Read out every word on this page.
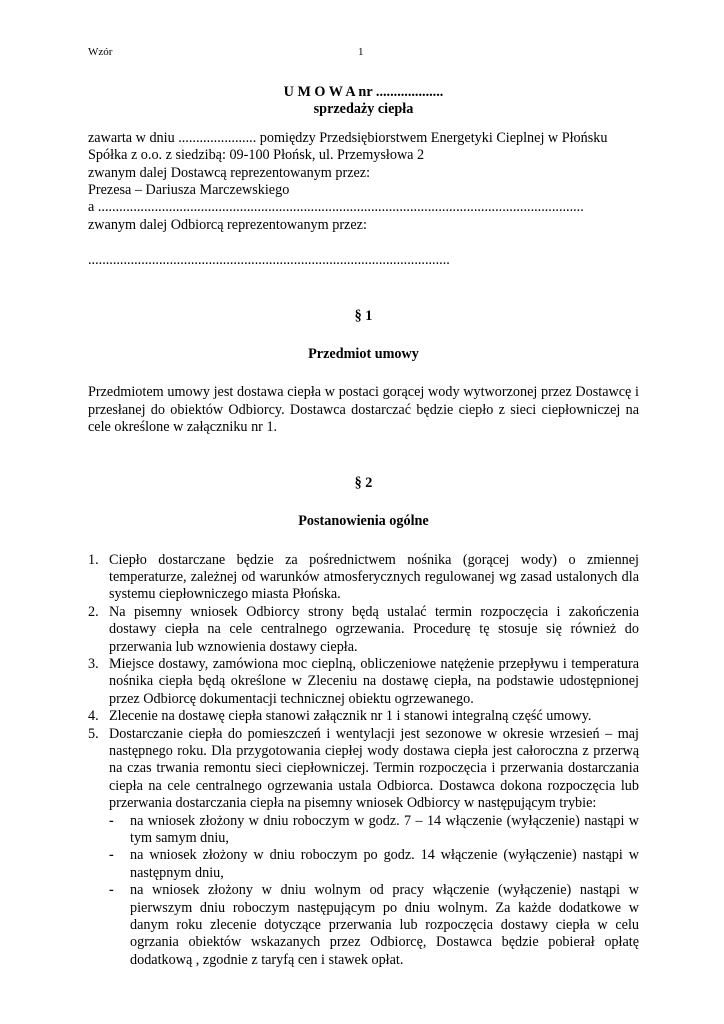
Wzór	1
U M O W A nr ...................
sprzedaży ciepła
zawarta w dniu ...................... pomiędzy Przedsiębiorstwem Energetyki Cieplnej w Płońsku
Spółka z o.o. z siedzibą: 09-100 Płońsk, ul. Przemysłowa 2
zwanym dalej Dostawcą reprezentowanym przez:
Prezesa – Dariusza Marczewskiego
a .........................................................................................................................................
zwanym dalej Odbiorcą reprezentowanym przez:
......................................................................................................
§ 1
Przedmiot umowy

Przedmiotem umowy jest dostawa ciepła w postaci gorącej wody wytworzonej przez Dostawcę i przesłanej do obiektów Odbiorcy. Dostawca dostarczać będzie ciepło z sieci ciepłowniczej na cele określone w załączniku nr 1.

§ 2
Postanowienia ogólne
1. Ciepło dostarczane będzie za pośrednictwem nośnika (gorącej wody) o zmiennej temperaturze, zależnej od warunków atmosferycznych regulowanej wg zasad ustalonych dla systemu ciepłowniczego miasta Płońska.
2. Na pisemny wniosek Odbiorcy strony będą ustalać termin rozpoczęcia i zakończenia dostawy ciepła na cele centralnego ogrzewania. Procedurę tę stosuje się również do przerwania lub wznowienia dostawy ciepła.
3. Miejsce dostawy, zamówiona moc cieplną, obliczeniowe natężenie przepływu i temperatura nośnika ciepła będą określone w Zleceniu na dostawę ciepła, na podstawie udostępnionej przez Odbiorcę dokumentacji technicznej obiektu ogrzewanego.
4. Zlecenie na dostawę ciepła stanowi załącznik nr 1 i stanowi integralną część umowy.
5. Dostarczanie ciepła do pomieszczeń i wentylacji jest sezonowe w okresie wrzesień – maj następnego roku. Dla przygotowania ciepłej wody dostawa ciepła jest całoroczna z przerwą na czas trwania remontu sieci ciepłowniczej. Termin rozpoczęcia i przerwania dostarczania ciepła na cele centralnego ogrzewania ustala Odbiorca. Dostawca dokona rozpoczęcia lub przerwania dostarczania ciepła na pisemny wniosek Odbiorcy w następującym trybie:
- na wniosek złożony w dniu roboczym w godz. 7 – 14 włączenie (wyłączenie) nastąpi w tym samym dniu,
- na wniosek złożony w dniu roboczym po godz. 14 włączenie (wyłączenie) nastąpi w następnym dniu,
- na wniosek złożony w dniu wolnym od pracy włączenie (wyłączenie) nastąpi w pierwszym dniu roboczym następującym po dniu wolnym. Za każde dodatkowe w danym roku zlecenie dotyczące przerwania lub rozpoczęcia dostawy ciepła w celu ogrzania obiektów wskazanych przez Odbiorcę, Dostawca będzie pobierał opłatę dodatkową , zgodnie z taryfą cen i stawek opłat.
